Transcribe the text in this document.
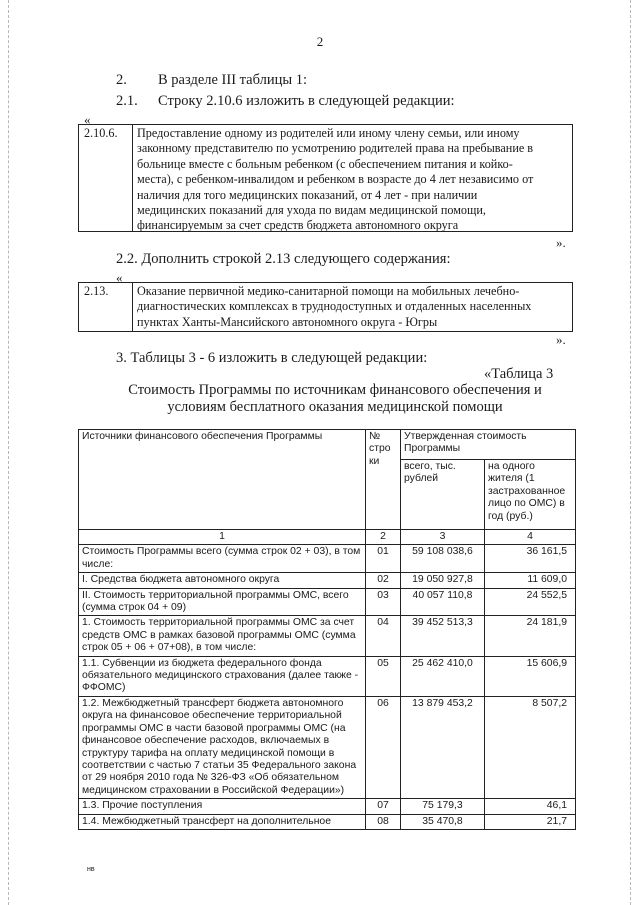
2
2. В разделе III таблицы 1:
2.1. Строку 2.10.6 изложить в следующей редакции:
«
2.10.6.	Предоставление одному из родителей или иному члену семьи, или иному
законному представителю по усмотрению родителей права на пребывание в
больнице вместе с больным ребенком (с обеспечением питания и койко-
места), с ребенком-инвалидом и ребенком в возрасте до 4 лет независимо от
наличия для того медицинских показаний, от 4 лет - при наличии
медицинских показаний для ухода по видам медицинской помощи,
финансируемым за счет средств бюджета автономного округа
».
2.2. Дополнить строкой 2.13 следующего содержания:
«
2.13.	Оказание первичной медико-санитарной помощи на мобильных лечебно-
диагностических комплексах в труднодоступных и отдаленных населенных
пунктах Ханты-Мансийского автономного округа - Югры
».
3. Таблицы 3 - 6 изложить в следующей редакции:
«Таблица 3
Стоимость Программы по источникам финансового обеспечения и
условиям бесплатного оказания медицинской помощи
Источники финансового обеспечения Программы	№ стро ки	Утвержденная стоимость Программы	
		всего, тыс. рублей	на одного жителя (1 застрахованное лицо по ОМС) в год (руб.)
1	2	3	4
Стоимость Программы всего (сумма строк 02 + 03), в том числе:	01	59 108 038,6	36 161,5
I. Средства бюджета автономного округа	02	19 050 927,8	11 609,0
II. Стоимость территориальной программы ОМС, всего (сумма строк 04 + 09)	03	40 057 110,8	24 552,5
1. Стоимость территориальной программы ОМС за счет средств ОМС в рамках базовой программы ОМС (сумма строк 05 + 06 + 07+08), в том числе:	04	39 452 513,3	24 181,9
1.1. Субвенции из бюджета федерального фонда обязательного медицинского страхования (далее также - ФФОМС)	05	25 462 410,0	15 606,9
1.2. Межбюджетный трансферт бюджета автономного округа на финансовое обеспечение территориальной программы ОМС в части базовой программы ОМС (на финансовое обеспечение расходов, включаемых в структуру тарифа на оплату медицинской помощи в соответствии с частью 7 статьи 35 Федерального закона от 29 ноября 2010 года № 326-ФЗ «Об обязательном медицинском страховании в Российской Федерации»)	06	13 879 453,2	8 507,2
1.3. Прочие поступления	07	75 179,3	46,1
1.4. Межбюджетный трансферт на дополнительное	08	35 470,8	21,7
нв
